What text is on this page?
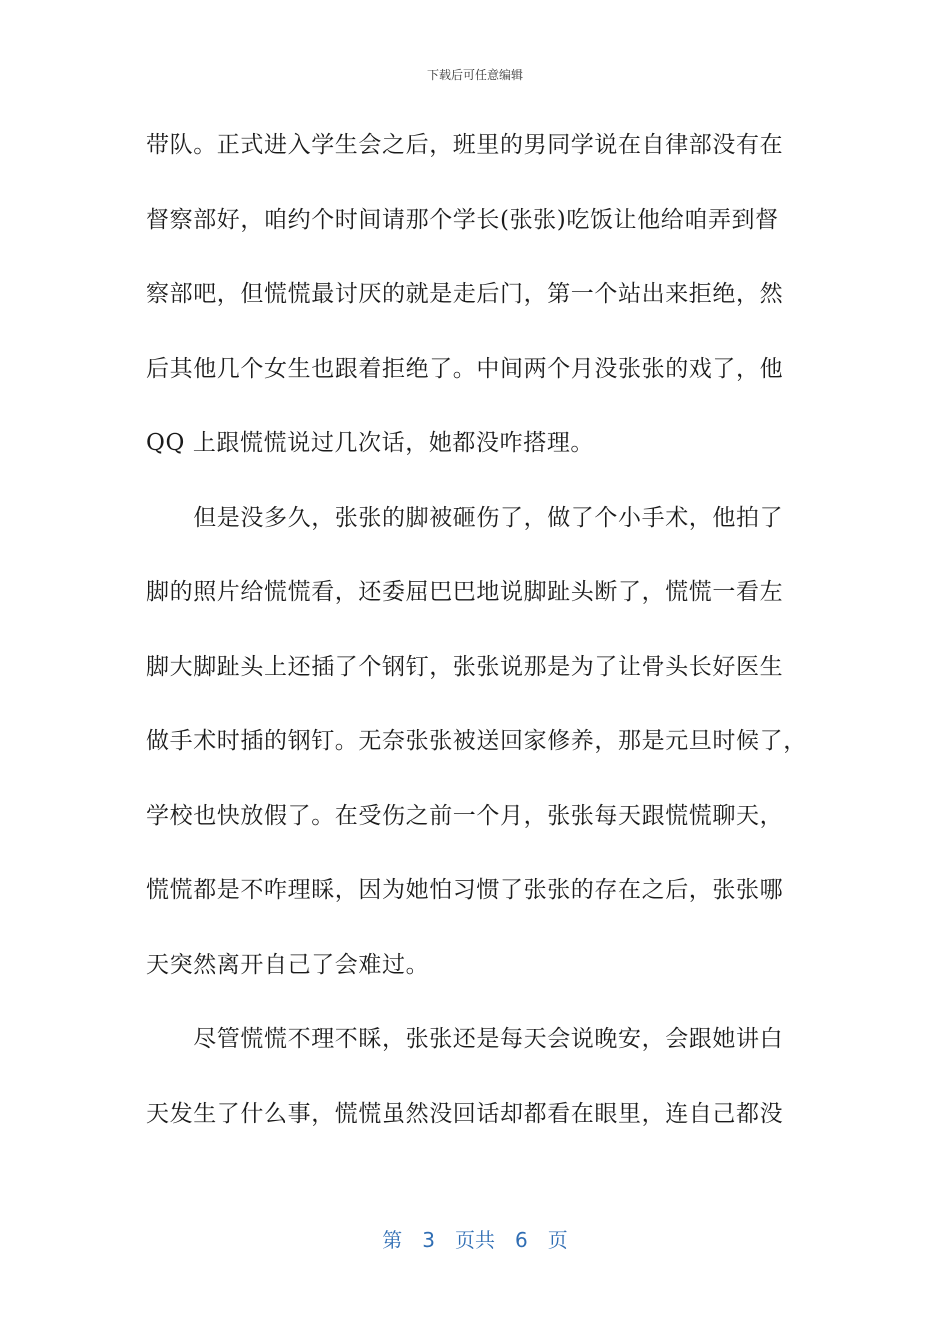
下载后可任意编辑
带队。正式进入学生会之后，班里的男同学说在自律部没有在
督察部好，咱约个时间请那个学长(张张)吃饭让他给咱弄到督
察部吧，但慌慌最讨厌的就是走后门，第一个站出来拒绝，然
后其他几个女生也跟着拒绝了。中间两个月没张张的戏了，他
QQ 上跟慌慌说过几次话，她都没咋搭理。
　　但是没多久，张张的脚被砸伤了，做了个小手术，他拍了
脚的照片给慌慌看，还委屈巴巴地说脚趾头断了，慌慌一看左
脚大脚趾头上还插了个钢钉，张张说那是为了让骨头长好医生
做手术时插的钢钉。无奈张张被送回家修养，那是元旦时候了，
学校也快放假了。在受伤之前一个月，张张每天跟慌慌聊天，
慌慌都是不咋理睬，因为她怕习惯了张张的存在之后，张张哪
天突然离开自己了会难过。
　　尽管慌慌不理不睬，张张还是每天会说晚安，会跟她讲白
天发生了什么事，慌慌虽然没回话却都看在眼里，连自己都没
第 3 页共 6 页
